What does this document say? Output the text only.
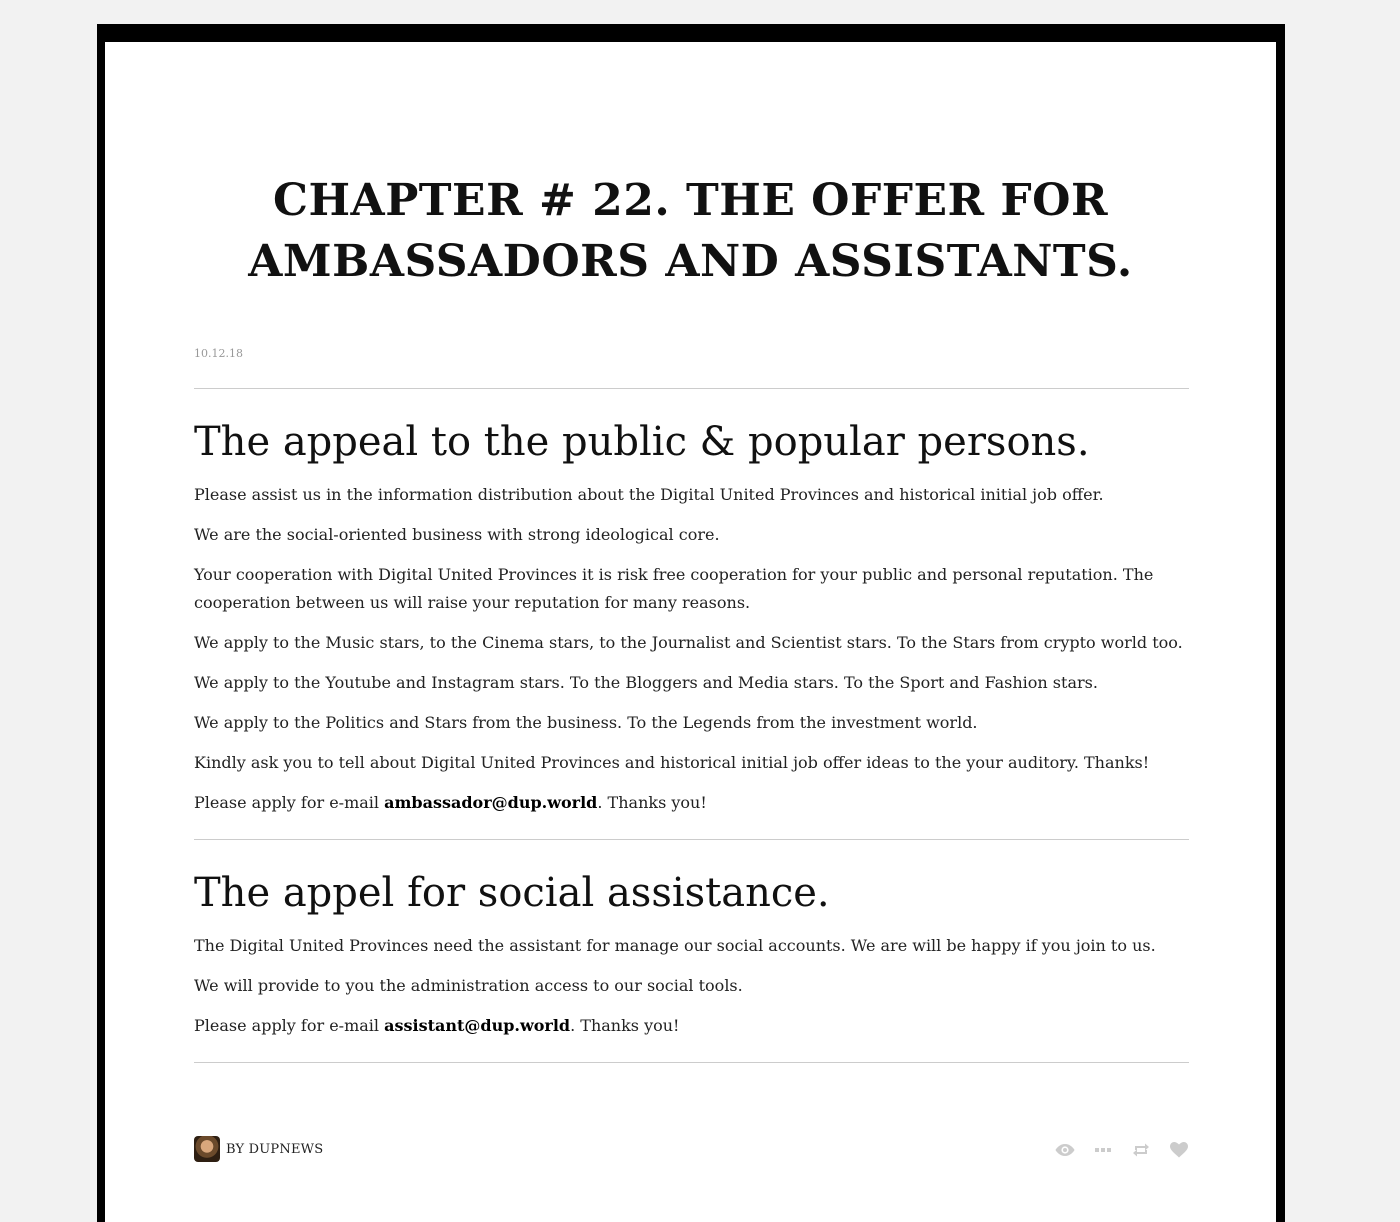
CHAPTER # 22. THE OFFER FOR AMBASSADORS AND ASSISTANTS.
10.12.18
The appeal to the public & popular persons.

Please assist us in the information distribution about the Digital United Provinces and historical initial job offer.

We are the social-oriented business with strong ideological core.

Your cooperation with Digital United Provinces it is risk free cooperation for your public and personal reputation. The cooperation between us will raise your reputation for many reasons.

We apply to the Music stars, to the Cinema stars, to the Journalist and Scientist stars. To the Stars from crypto world too.

We apply to the Youtube and Instagram stars. To the Bloggers and Media stars. To the Sport and Fashion stars.

We apply to the Politics and Stars from the business. To the Legends from the investment world.

Kindly ask you to tell about Digital United Provinces and historical initial job offer ideas to the your auditory. Thanks!

Please apply for e-mail ambassador@dup.world. Thanks you!

The appel for social assistance.

The Digital United Provinces need the assistant for manage our social accounts. We are will be happy if you join to us.

We will provide to you the administration access to our social tools.

Please apply for e-mail assistant@dup.world. Thanks you!

BY DUPNEWS
